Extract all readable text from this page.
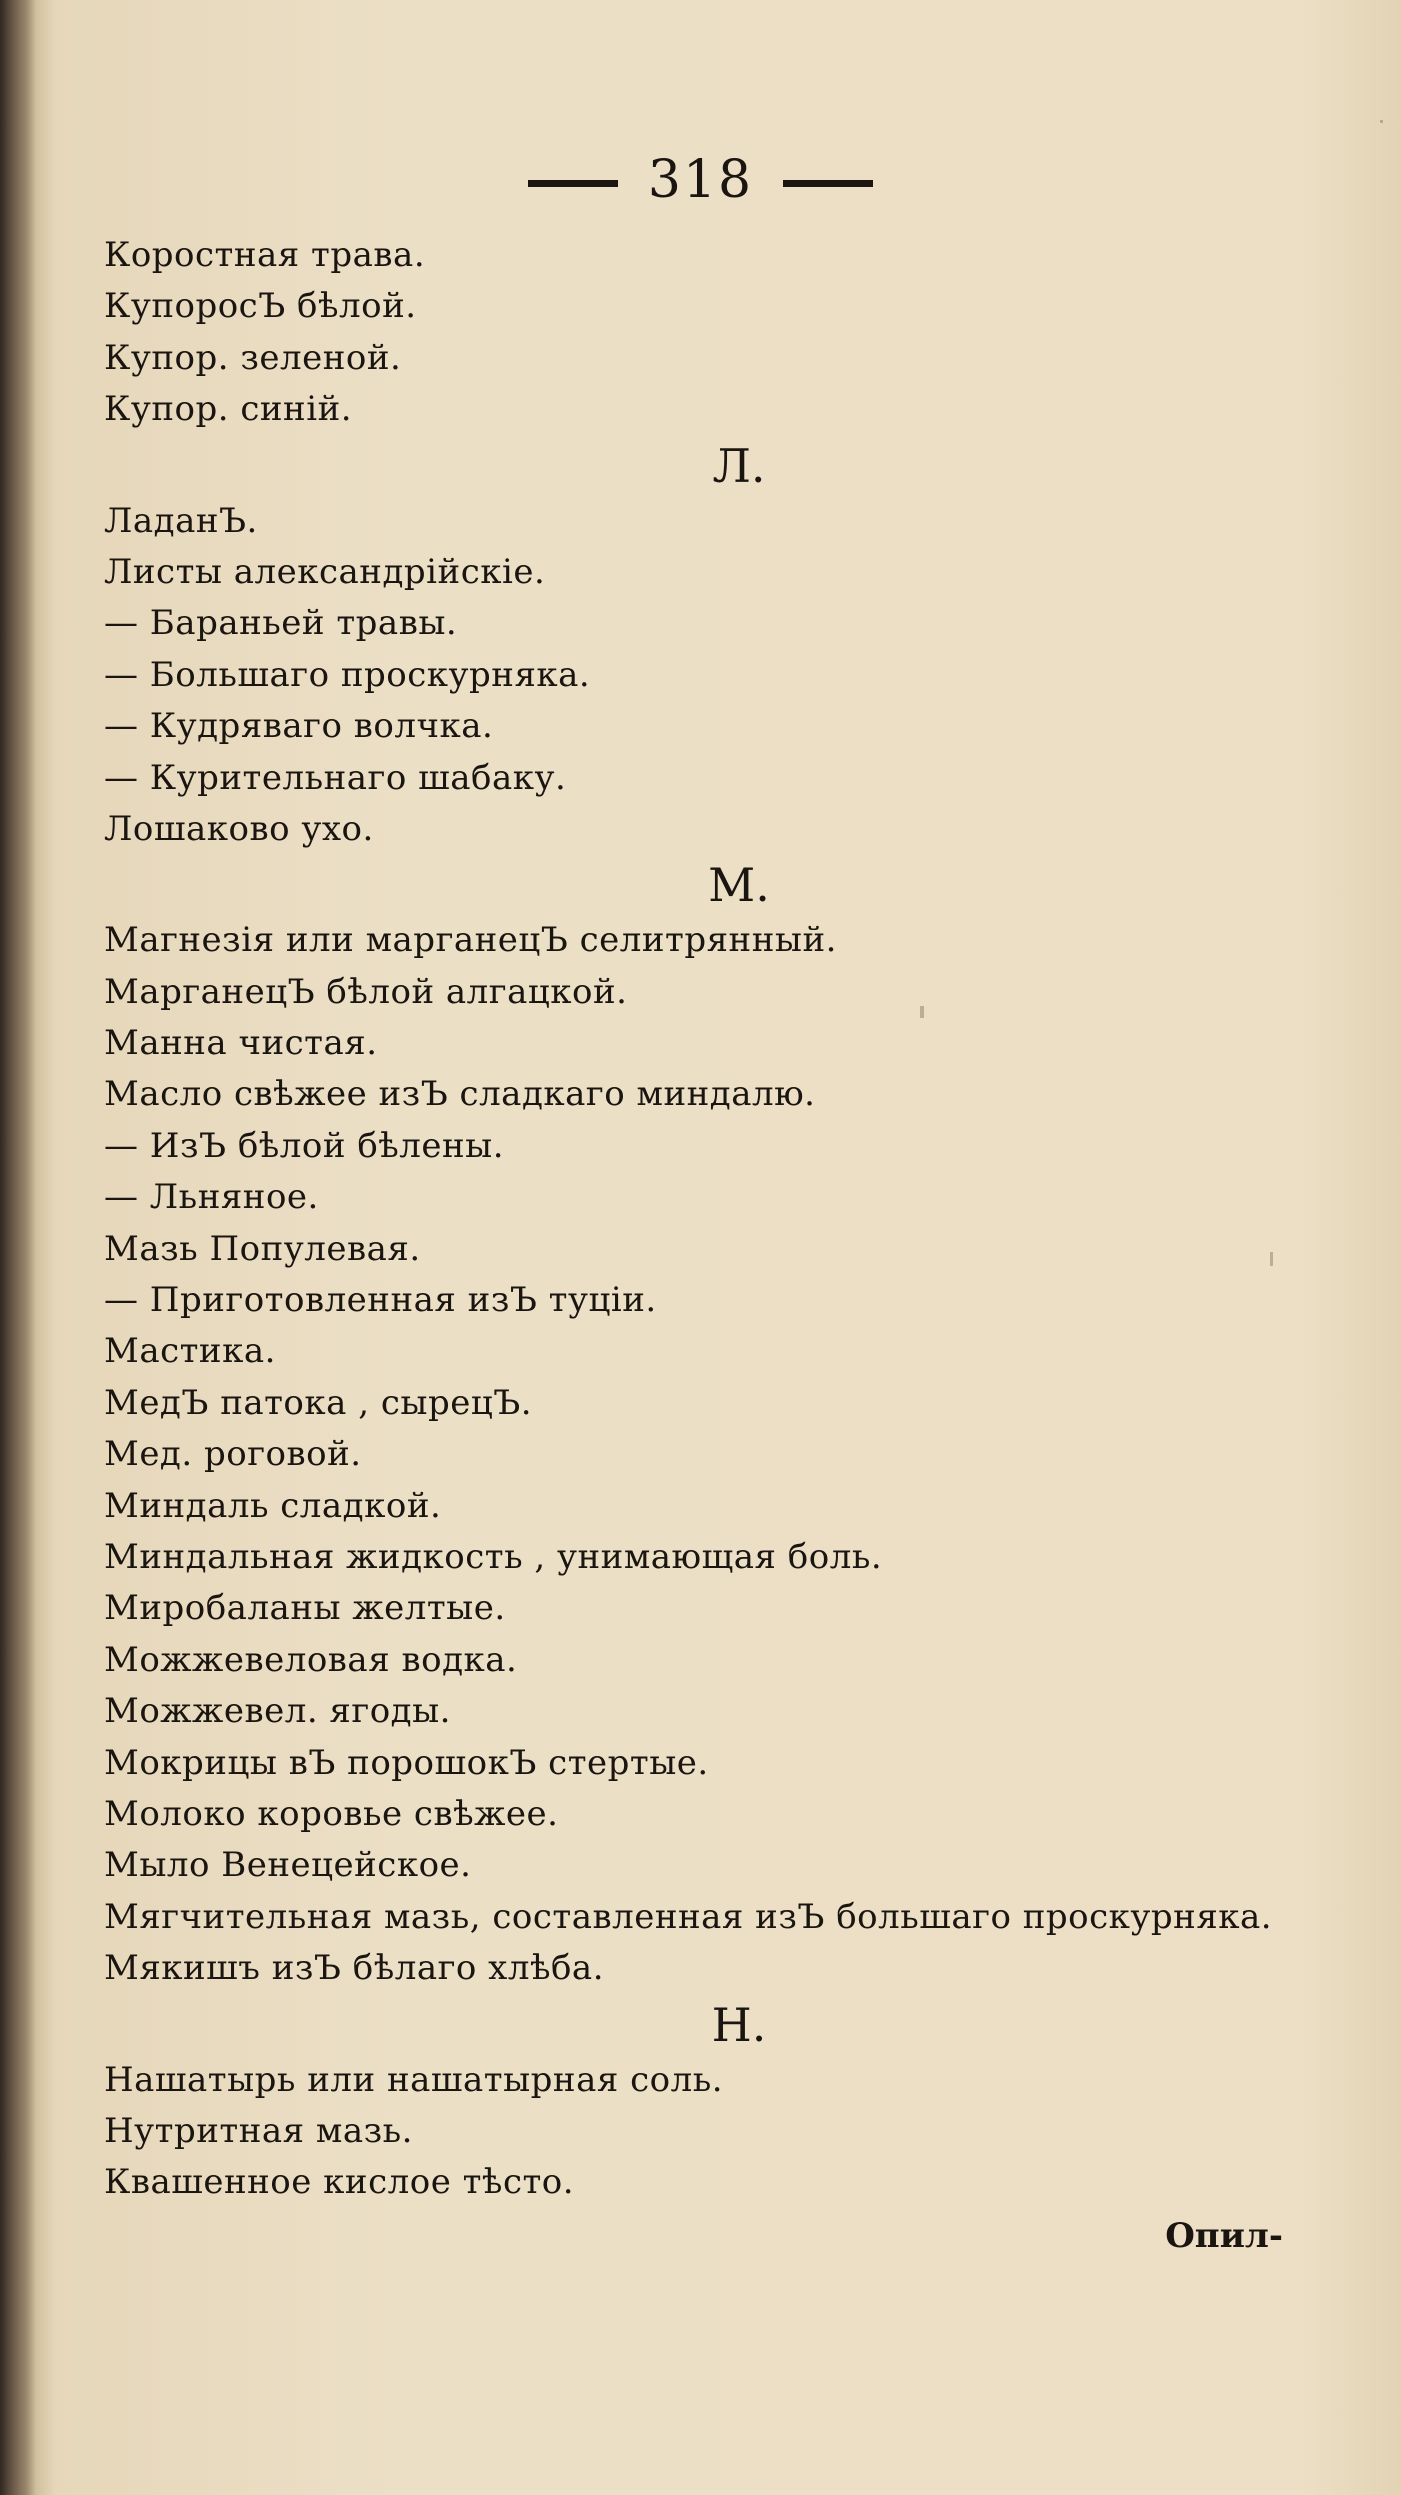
318
Коростная трава.
КупоросЪ бѣлой.
Купор. зеленой.
Купор. синій.
Л.
ЛаданЪ.
Листы александрійскіе.
— Бараньей травы.
— Большаго проскурняка.
— Кудряваго волчка.
— Курительнаго шабаку.
Лошаково ухо.
М.
Магнезія или марганецЪ селитрянный.
МарганецЪ бѣлой алгацкой.
Манна чистая.
Масло свѣжее изЪ сладкаго миндалю.
— ИзЪ бѣлой бѣлены.
— Льняное.
Мазь Популевая.
— Приготовленная изЪ туціи.
Мастика.
МедЪ патока , сырецЪ.
Мед. роговой.
Миндаль сладкой.
Миндальная жидкость , унимающая боль.
Миробаланы желтые.
Можжевеловая водка.
Можжевел. ягоды.
Мокрицы вЪ порошокЪ стертые.
Молоко коровье свѣжее.
Мыло Венецейское.
Мягчительная мазь, составленная изЪ большаго проскурняка.
Мякишъ изЪ бѣлаго хлѣба.
Н.
Нашатырь или нашатырная соль.
Нутритная мазь.
Квашенное кислое тѣсто.
Опил-
